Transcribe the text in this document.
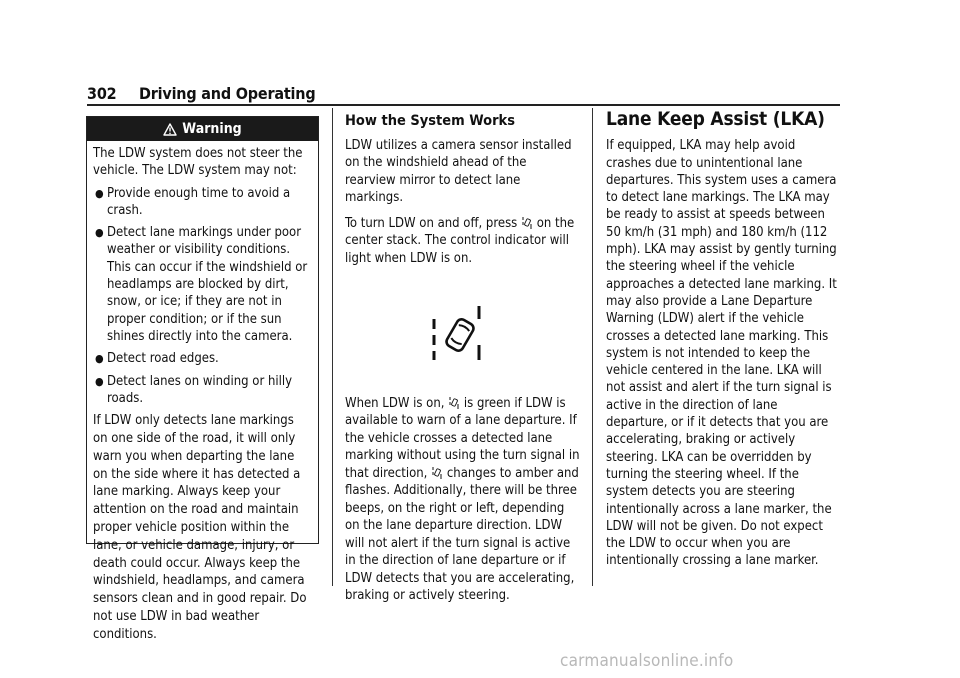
302 Driving and Operating
Warning

The LDW system does not steer the vehicle. The LDW system may not:

● Provide enough time to avoid a crash.
● Detect lane markings under poor weather or visibility conditions. This can occur if the windshield or headlamps are blocked by dirt, snow, or ice; if they are not in proper condition; or if the sun shines directly into the camera.
● Detect road edges.
● Detect lanes on winding or hilly roads.

If LDW only detects lane markings on one side of the road, it will only warn you when departing the lane on the side where it has detected a lane marking. Always keep your attention on the road and maintain proper vehicle position within the lane, or vehicle damage, injury, or death could occur. Always keep the windshield, headlamps, and camera sensors clean and in good repair. Do not use LDW in bad weather conditions.

How the System Works

LDW utilizes a camera sensor installed on the windshield ahead of the rearview mirror to detect lane markings.

To turn LDW on and off, press on the center stack. The control indicator will light when LDW is on.

When LDW is on, is green if LDW is available to warn of a lane departure. If the vehicle crosses a detected lane marking without using the turn signal in that direction, changes to amber and flashes. Additionally, there will be three beeps, on the right or left, depending on the lane departure direction. LDW will not alert if the turn signal is active in the direction of lane departure or if LDW detects that you are accelerating, braking or actively steering.

Lane Keep Assist (LKA)

If equipped, LKA may help avoid crashes due to unintentional lane departures. This system uses a camera to detect lane markings. The LKA may be ready to assist at speeds between 50 km/h (31 mph) and 180 km/h (112 mph). LKA may assist by gently turning the steering wheel if the vehicle approaches a detected lane marking. It may also provide a Lane Departure Warning (LDW) alert if the vehicle crosses a detected lane marking. This system is not intended to keep the vehicle centered in the lane. LKA will not assist and alert if the turn signal is active in the direction of lane departure, or if it detects that you are accelerating, braking or actively steering. LKA can be overridden by turning the steering wheel. If the system detects you are steering intentionally across a lane marker, the LDW will not be given. Do not expect the LDW to occur when you are intentionally crossing a lane marker.

carmanualsonline.info
